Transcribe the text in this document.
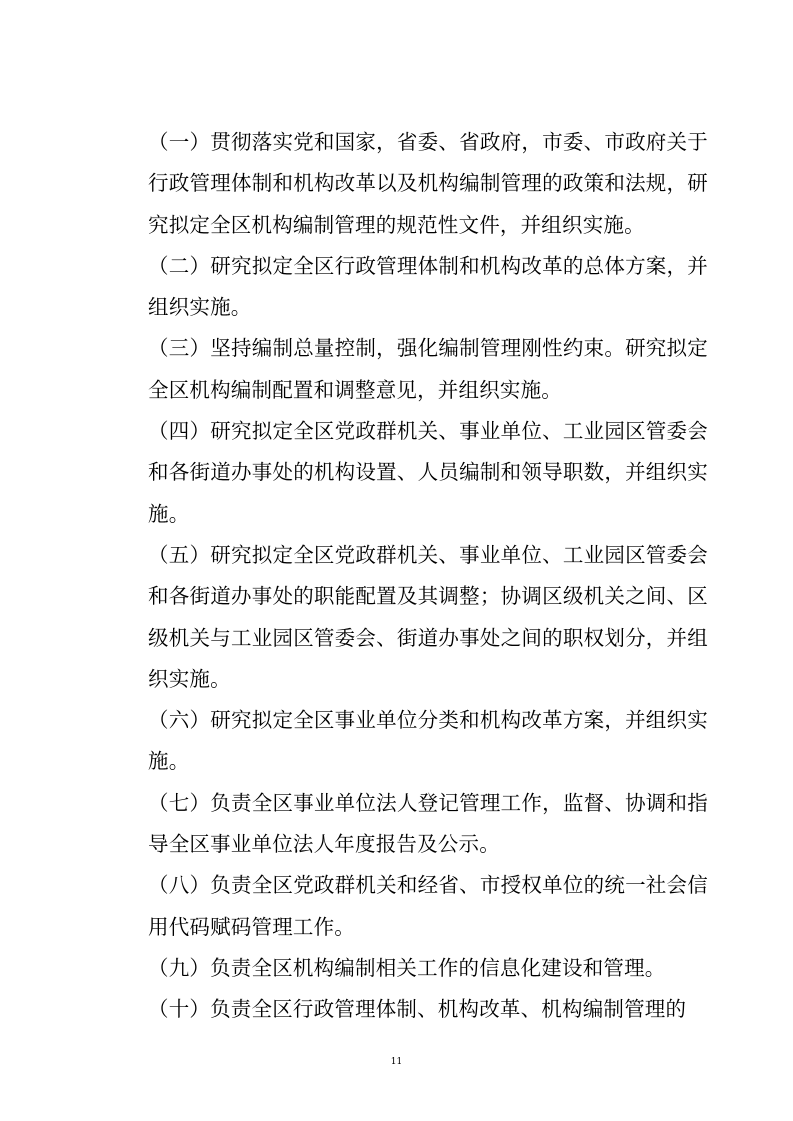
（一）贯彻落实党和国家，省委、省政府，市委、市政府关于行政管理体制和机构改革以及机构编制管理的政策和法规，研究拟定全区机构编制管理的规范性文件，并组织实施。

（二）研究拟定全区行政管理体制和机构改革的总体方案，并组织实施。

（三）坚持编制总量控制，强化编制管理刚性约束。研究拟定全区机构编制配置和调整意见，并组织实施。

（四）研究拟定全区党政群机关、事业单位、工业园区管委会和各街道办事处的机构设置、人员编制和领导职数，并组织实施。

（五）研究拟定全区党政群机关、事业单位、工业园区管委会和各街道办事处的职能配置及其调整；协调区级机关之间、区级机关与工业园区管委会、街道办事处之间的职权划分，并组织实施。

（六）研究拟定全区事业单位分类和机构改革方案，并组织实施。

（七）负责全区事业单位法人登记管理工作，监督、协调和指导全区事业单位法人年度报告及公示。

（八）负责全区党政群机关和经省、市授权单位的统一社会信用代码赋码管理工作。

（九）负责全区机构编制相关工作的信息化建设和管理。

（十）负责全区行政管理体制、机构改革、机构编制管理的

11
